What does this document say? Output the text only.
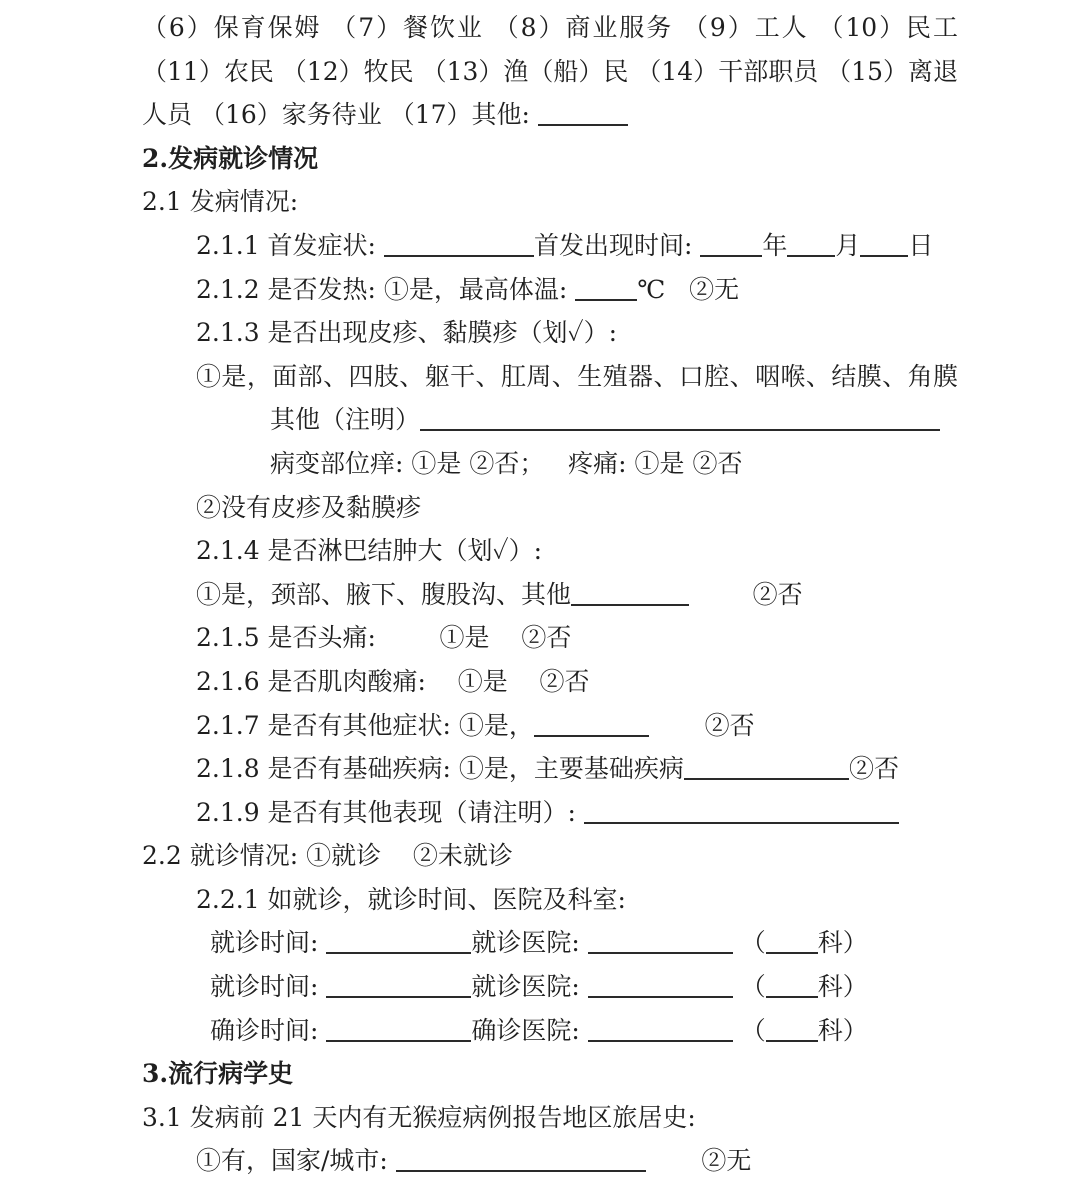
（6）保育保姆 （7）餐饮业 （8）商业服务 （9）工人 （10）民工
（11）农民 （12）牧民 （13）渔（船）民 （14）干部职员 （15）离退
人员 （16）家务待业 （17）其他:
2.发病就诊情况
2.1 发病情况:
2.1.1 首发症状:	首发出现时间: 年 月 日
2.1.2 是否发热: ①是，最高体温: ℃   ②无
2.1.3 是否出现皮疹、黏膜疹（划✓）:
①是，面部、四肢、躯干、肛周、生殖器、口腔、咽喉、结膜、角膜
其他（注明）
病变部位痒: ①是 ②否；   疼痛: ①是 ②否
②没有皮疹及黏膜疹
2.1.4 是否淋巴结肿大（划✓）:
①是，颈部、腋下、腹股沟、其他	②否
2.1.5 是否头痛:        ①是    ②否
2.1.6 是否肌肉酸痛:    ①是    ②否
2.1.7 是否有其他症状: ①是，	②否
2.1.8 是否有基础疾病: ①是，主要基础疾病	②否
2.1.9 是否有其他表现（请注明）:
2.2 就诊情况: ①就诊    ②未就诊
2.2.1 如就诊，就诊时间、医院及科室:
就诊时间:	就诊医院:	（ 科）
就诊时间:	就诊医院:	（ 科）
确诊时间:	确诊医院:	（ 科）
3.流行病学史
3.1 发病前 21 天内有无猴痘病例报告地区旅居史:
①有，国家/城市:	②无
